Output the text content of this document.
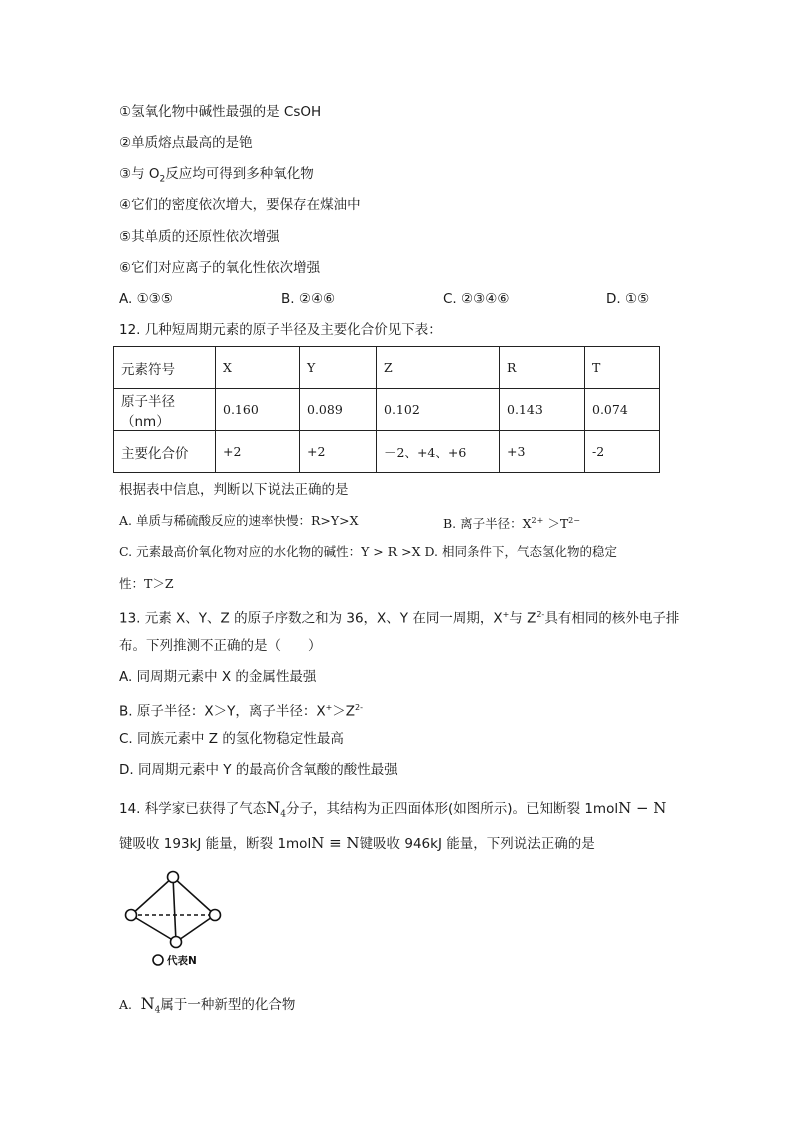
①氢氧化物中碱性最强的是 CsOH
②单质熔点最高的是铯
③与 $O_2$反应均可得到多种氧化物
④它们的密度依次增大，要保存在煤油中
⑤其单质的还原性依次增强
⑥它们对应离子的氧化性依次增强
A. ①③⑤	B. ②④⑥	C. ②③④⑥	D. ①⑤
12. 几种短周期元素的原子半径及主要化合价见下表：
元素符号	X	Y	Z	R	T
原子半径（nm）	0.160	0.089	0.102	0.143	0.074
主要化合价	+2	+2	－2、+4、+6	+3	-2
根据表中信息，判断以下说法正确的是
A. 单质与稀硫酸反应的速率快慢：R>Y>X	B. 离子半径：$X^{2+} >T^{2-}$
C. 元素最高价氧化物对应的水化物的碱性：Y > R >X D. 相同条件下，气态氢化物的稳定
性：T＞Z
13. 元素 X、Y、Z 的原子序数之和为 36，X、Y 在同一周期，X+与 $Z^{2-}$具有相同的核外电子排
布。下列推测不正确的是（　　）
A. 同周期元素中 X 的金属性最强
B. 原子半径：X＞Y，离子半径：$X^+>Z^{2-}$
C. 同族元素中 Z 的氢化物稳定性最高
D. 同周期元素中 Y 的最高价含氧酸的酸性最强
14. 科学家已获得了气态$N_4$分子，其结构为正四面体形(如图所示)。已知断裂 1molN − N
键吸收 193kJ 能量，断裂 1molN ≡ N键吸收 946kJ 能量，下列说法正确的是
代表N
A. $N_4$属于一种新型的化合物
